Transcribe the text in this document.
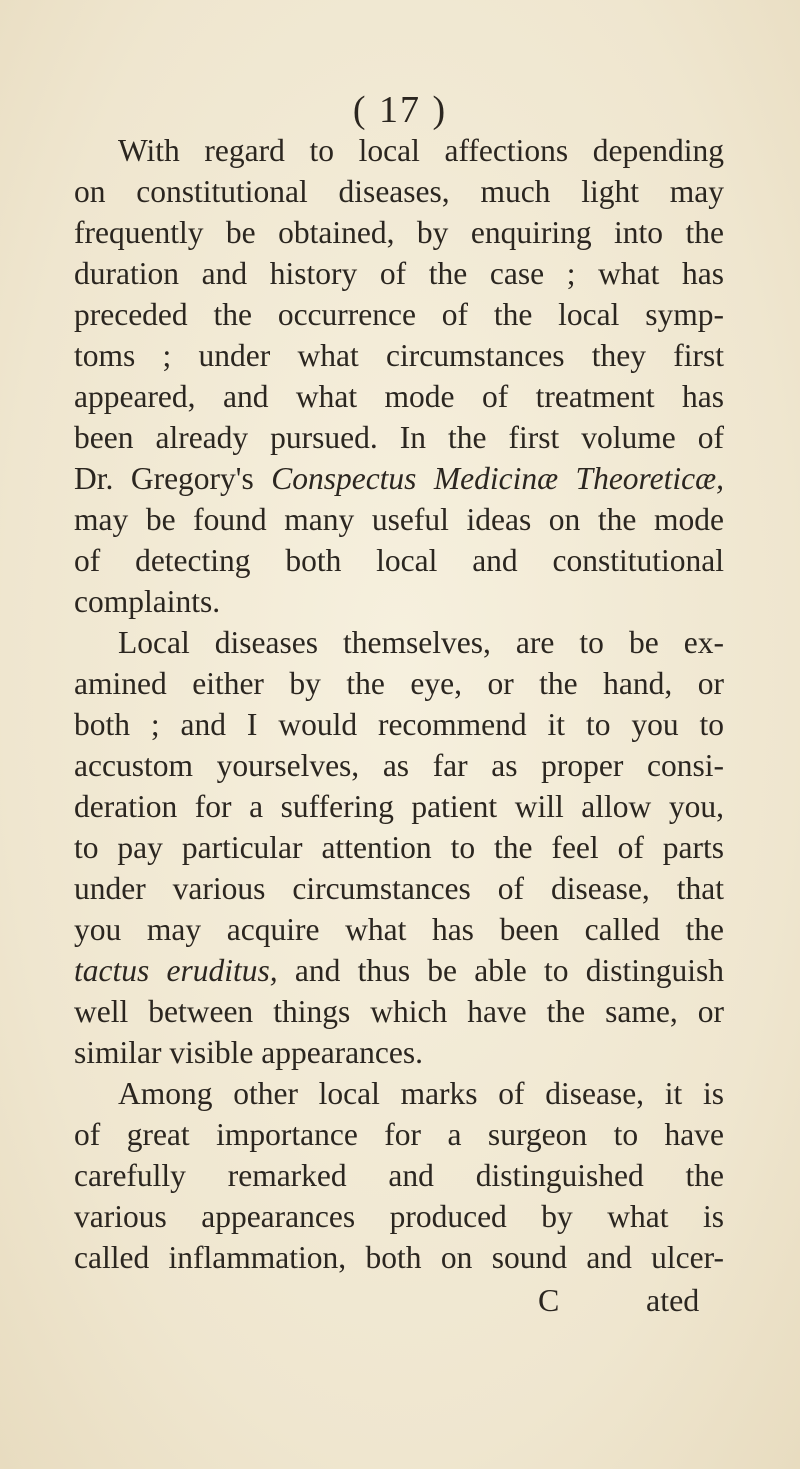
( 17 )
With regard to local affections depending
on constitutional diseases, much light may
frequently be obtained, by enquiring into the
duration and history of the case ; what has
preceded the occurrence of the local symp-
toms ; under what circumstances they first
appeared, and what mode of treatment has
been already pursued. In the first volume of
Dr. Gregory's Conspectus Medicinæ Theoreticæ,
may be found many useful ideas on the mode
of detecting both local and constitutional
complaints.
Local diseases themselves, are to be ex-
amined either by the eye, or the hand, or
both ; and I would recommend it to you to
accustom yourselves, as far as proper consi-
deration for a suffering patient will allow you,
to pay particular attention to the feel of parts
under various circumstances of disease, that
you may acquire what has been called the
tactus eruditus, and thus be able to distinguish
well between things which have the same, or
similar visible appearances.
Among other local marks of disease, it is
of great importance for a surgeon to have
carefully remarked and distinguished the
various appearances produced by what is
called inflammation, both on sound and ulcer-
C	ated
